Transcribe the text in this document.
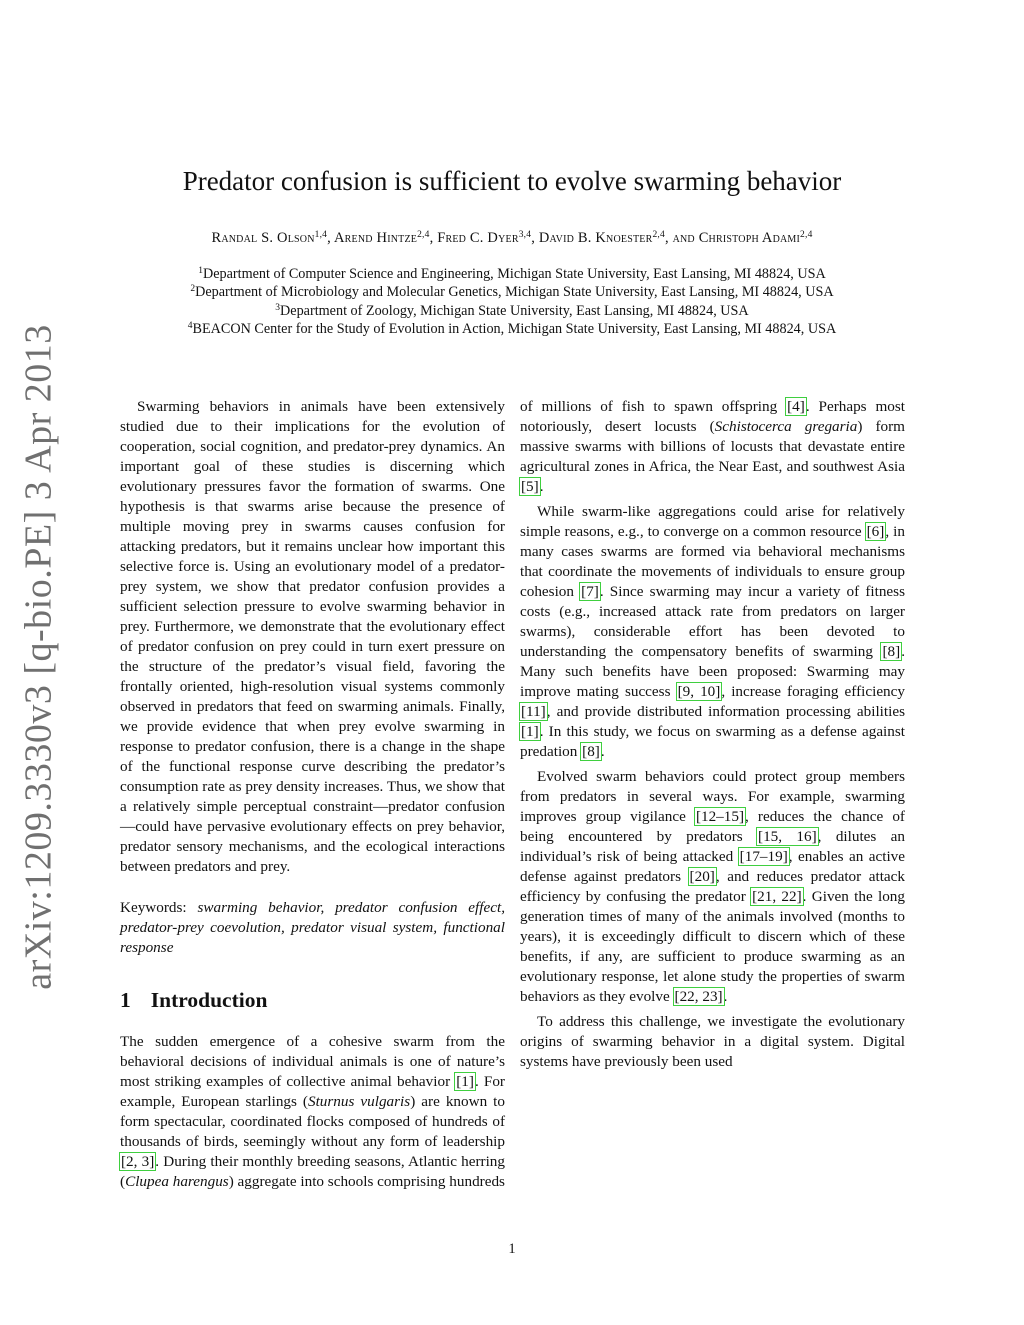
arXiv:1209.3330v3 [q-bio.PE] 3 Apr 2013
Predator confusion is sufficient to evolve swarming behavior
Randal S. Olson$^{1,4}$, Arend Hintze$^{2,4}$, Fred C. Dyer$^{3,4}$, David B. Knoester$^{2,4}$, and Christoph Adami$^{2,4}$
$^1$Department of Computer Science and Engineering, Michigan State University, East Lansing, MI 48824, USA
$^2$Department of Microbiology and Molecular Genetics, Michigan State University, East Lansing, MI 48824, USA
$^3$Department of Zoology, Michigan State University, East Lansing, MI 48824, USA
$^4$BEACON Center for the Study of Evolution in Action, Michigan State University, East Lansing, MI 48824, USA

Swarming behaviors in animals have been extensively studied due to their implications for the evolution of cooperation, social cognition, and predator-prey dynamics. An important goal of these studies is discerning which evolutionary pressures favor the formation of swarms. One hypothesis is that swarms arise because the presence of multiple moving prey in swarms causes confusion for attacking predators, but it remains unclear how important this selective force is. Using an evolutionary model of a predator-prey system, we show that predator confusion provides a sufficient selection pressure to evolve swarming behavior in prey. Furthermore, we demonstrate that the evolutionary effect of predator confusion on prey could in turn exert pressure on the structure of the predator’s visual field, favoring the frontally oriented, high-resolution visual systems commonly observed in predators that feed on swarming animals. Finally, we provide evidence that when prey evolve swarming in response to predator confusion, there is a change in the shape of the functional response curve describing the predator’s consumption rate as prey density increases. Thus, we show that a relatively simple perceptual constraint—predator confusion—could have pervasive evolutionary effects on prey behavior, predator sensory mechanisms, and the ecological interactions between predators and prey.

Keywords: swarming behavior, predator confusion effect, predator-prey coevolution, predator visual system, functional response

1 Introduction

The sudden emergence of a cohesive swarm from the behavioral decisions of individual animals is one of nature’s most striking examples of collective animal behavior [1]. For example, European starlings (Sturnus vulgaris) are known to form spectacular, coordinated flocks composed of hundreds of thousands of birds, seemingly without any form of leadership [2, 3]. During their monthly breeding seasons, Atlantic herring (Clupea harengus) aggregate into schools comprising hundreds

of millions of fish to spawn offspring [4]. Perhaps most notoriously, desert locusts (Schistocerca gregaria) form massive swarms with billions of locusts that devastate entire agricultural zones in Africa, the Near East, and southwest Asia [5].

While swarm-like aggregations could arise for relatively simple reasons, e.g., to converge on a common resource [6], in many cases swarms are formed via behavioral mechanisms that coordinate the movements of individuals to ensure group cohesion [7]. Since swarming may incur a variety of fitness costs (e.g., increased attack rate from predators on larger swarms), considerable effort has been devoted to understanding the compensatory benefits of swarming [8]. Many such benefits have been proposed: Swarming may improve mating success [9, 10], increase foraging efficiency [11], and provide distributed information processing abilities [1]. In this study, we focus on swarming as a defense against predation [8].

Evolved swarm behaviors could protect group members from predators in several ways. For example, swarming improves group vigilance [12–15], reduces the chance of being encountered by predators [15, 16], dilutes an individual’s risk of being attacked [17–19], enables an active defense against predators [20], and reduces predator attack efficiency by confusing the predator [21, 22]. Given the long generation times of many of the animals involved (months to years), it is exceedingly difficult to discern which of these benefits, if any, are sufficient to produce swarming as an evolutionary response, let alone study the properties of swarm behaviors as they evolve [22, 23].

To address this challenge, we investigate the evolutionary origins of swarming behavior in a digital system. Digital systems have previously been used

1
